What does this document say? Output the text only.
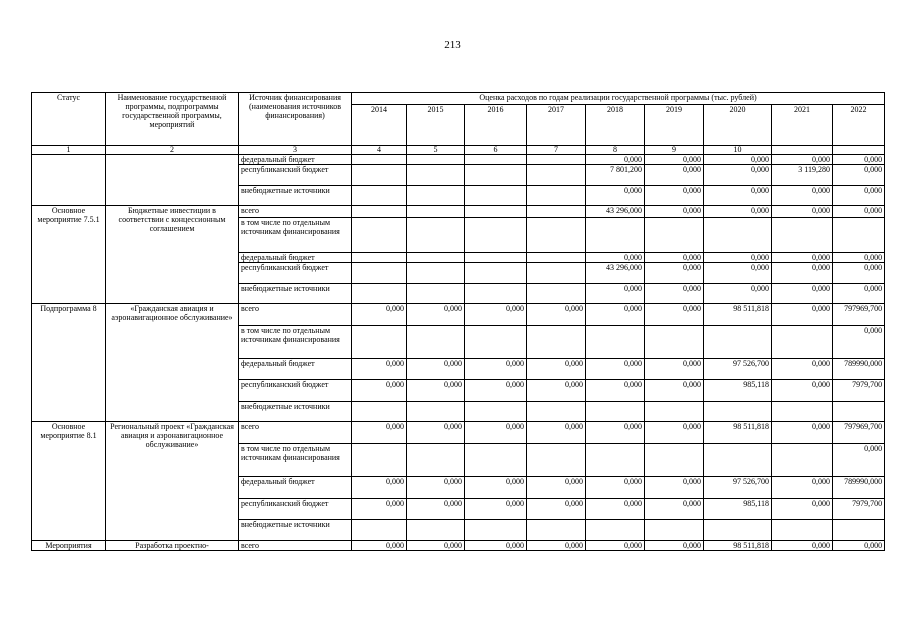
213
Статус	Наименование государственной программы, подпрограммы государственной программы, мероприятий	Источник финансирования (наименования источников финансирования)	Оценка расходов по годам реализации государственной программы (тыс. рублей)								
			2014	2015	2016	2017	2018	2019	2020	2021	2022
1	2	3	4	5	6	7	8	9	10		
		федеральный бюджет					0,000	0,000	0,000	0,000	0,000
		республиканский бюджет					7 801,200	0,000	0,000	3 119,280	0,000
		внебюджетные источники					0,000	0,000	0,000	0,000	0,000
Основное мероприятие 7.5.1	Бюджетные инвестиции в соответствии с концессионным соглашением	всего					43 296,000	0,000	0,000	0,000	0,000
		в том числе по отдельным источникам финансирования									
		федеральный бюджет					0,000	0,000	0,000	0,000	0,000
		республиканский бюджет					43 296,000	0,000	0,000	0,000	0,000
		внебюджетные источники					0,000	0,000	0,000	0,000	0,000
Подпрограмма 8	«Гражданская авиация и аэронавигационное обслуживание»	всего	0,000	0,000	0,000	0,000	0,000	0,000	98 511,818	0,000	797969,700
		в том числе по отдельным источникам финансирования									0,000
		федеральный бюджет	0,000	0,000	0,000	0,000	0,000	0,000	97 526,700	0,000	789990,000
		республиканский бюджет	0,000	0,000	0,000	0,000	0,000	0,000	985,118	0,000	7979,700
		внебюджетные источники									
Основное мероприятие 8.1	Региональный проект «Гражданская авиация и аэронавигационное обслуживание»	всего	0,000	0,000	0,000	0,000	0,000	0,000	98 511,818	0,000	797969,700
		в том числе по отдельным источникам финансирования									0,000
		федеральный бюджет	0,000	0,000	0,000	0,000	0,000	0,000	97 526,700	0,000	789990,000
		республиканский бюджет	0,000	0,000	0,000	0,000	0,000	0,000	985,118	0,000	7979,700
		внебюджетные источники									
Мероприятия	Разработка проектно-	всего	0,000	0,000	0,000	0,000	0,000	0,000	98 511,818	0,000	0,000
